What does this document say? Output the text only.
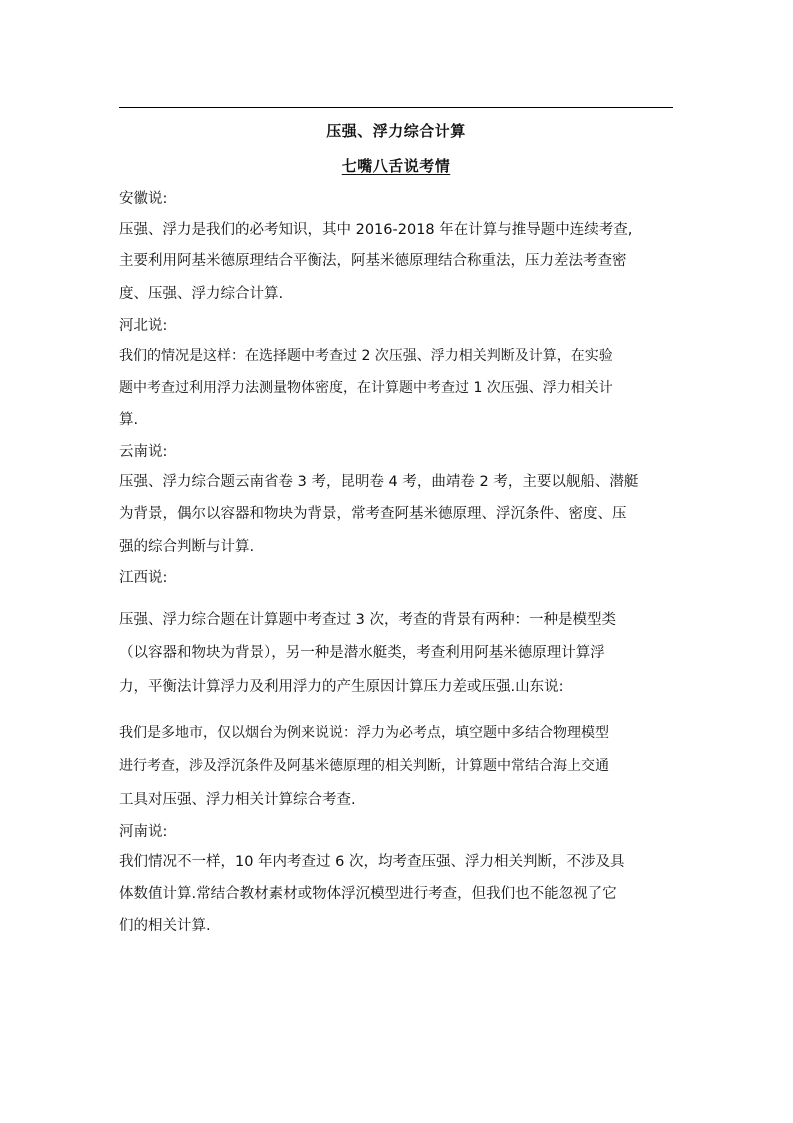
压强、浮力综合计算
七嘴八舌说考情
安徽说:
压强、浮力是我们的必考知识，其中 2016-2018 年在计算与推导题中连续考查,
主要利用阿基米德原理结合平衡法，阿基米德原理结合称重法，压力差法考查密
度、压强、浮力综合计算.
河北说:
我们的情况是这样：在选择题中考查过 2 次压强、浮力相关判断及计算，在实验
题中考查过利用浮力法测量物体密度，在计算题中考查过 1 次压强、浮力相关计
算.
云南说:
压强、浮力综合题云南省卷 3 考，昆明卷 4 考，曲靖卷 2 考，主要以舰船、潜艇
为背景，偶尔以容器和物块为背景，常考查阿基米德原理、浮沉条件、密度、压
强的综合判断与计算.
江西说:
压强、浮力综合题在计算题中考查过 3 次，考查的背景有两种：一种是模型类
（以容器和物块为背景），另一种是潜水艇类，考查利用阿基米德原理计算浮
力，平衡法计算浮力及利用浮力的产生原因计算压力差或压强.山东说:
我们是多地市，仅以烟台为例来说说：浮力为必考点，填空题中多结合物理模型
进行考查，涉及浮沉条件及阿基米德原理的相关判断，计算题中常结合海上交通
工具对压强、浮力相关计算综合考查.
河南说:
我们情况不一样，10 年内考查过 6 次，均考查压强、浮力相关判断，不涉及具
体数值计算.常结合教材素材或物体浮沉模型进行考查，但我们也不能忽视了它
们的相关计算.
